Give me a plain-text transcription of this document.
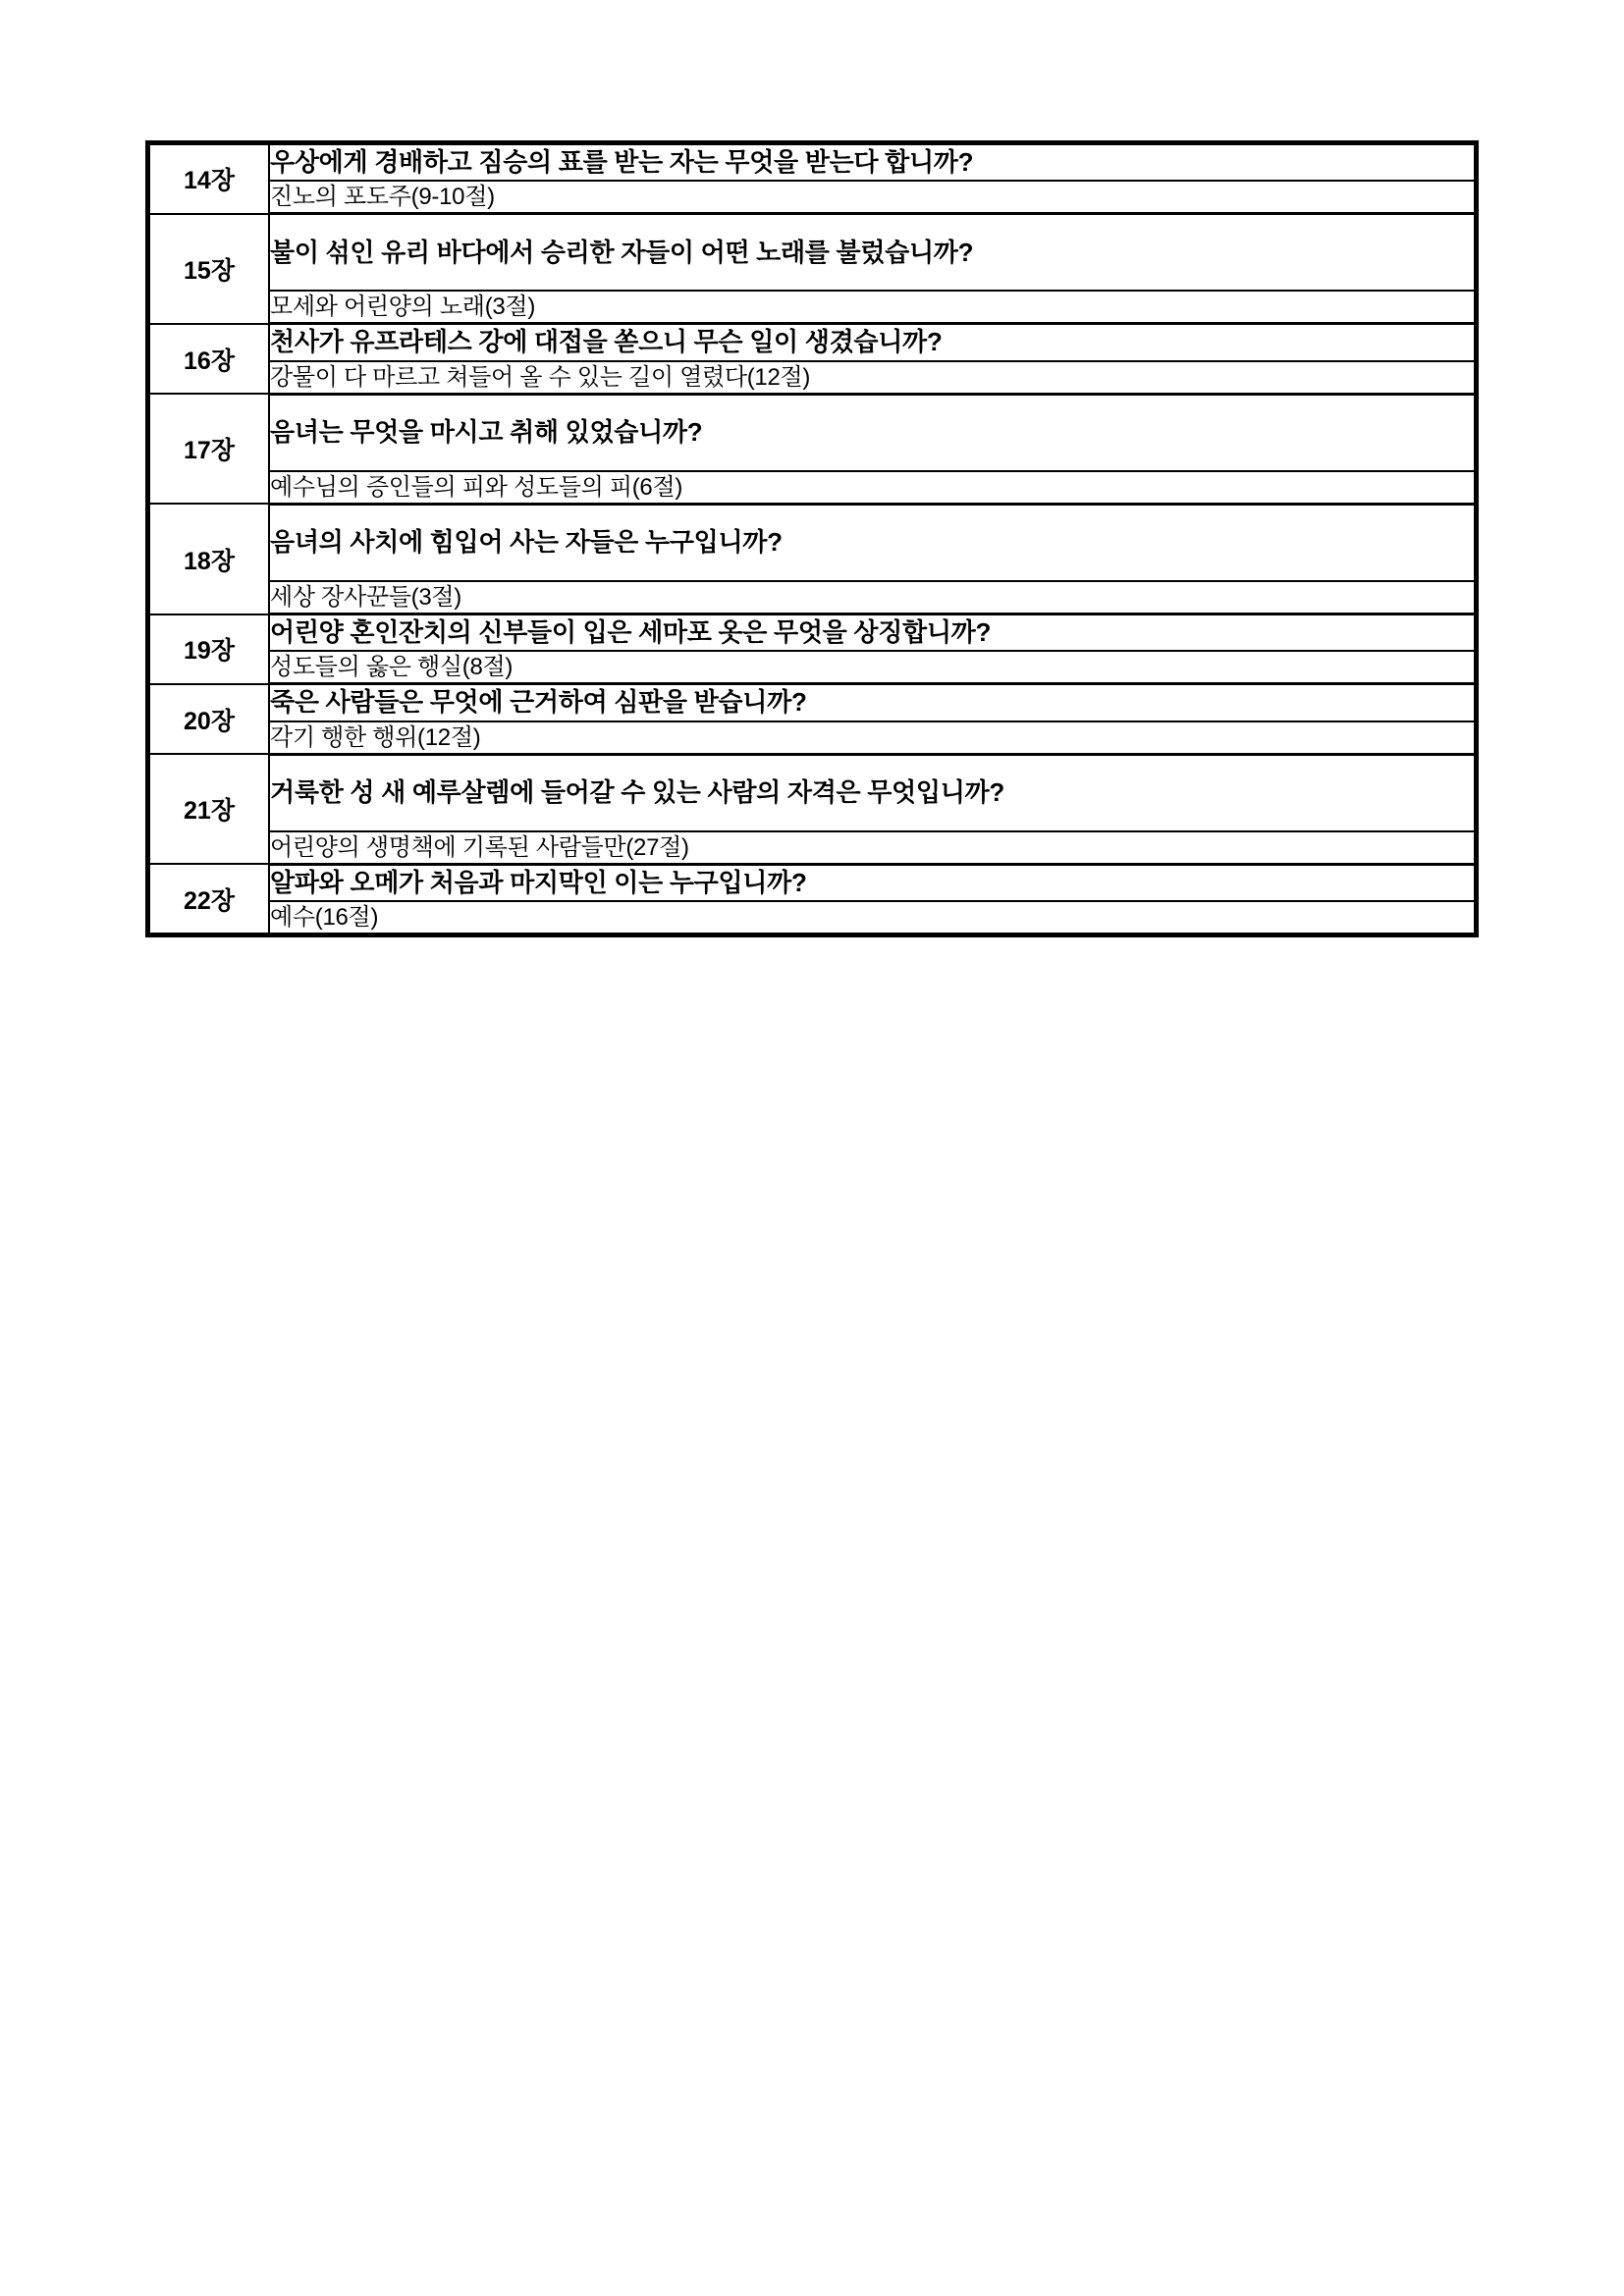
14장	우상에게 경배하고 짐승의 표를 받는 자는 무엇을 받는다 합니까?
	진노의 포도주(9-10절)
15장	불이 섞인 유리 바다에서 승리한 자들이 어떤 노래를 불렀습니까?
	모세와 어린양의 노래(3절)
16장	천사가 유프라테스 강에 대접을 쏟으니 무슨 일이 생겼습니까?
	강물이 다 마르고 쳐들어 올 수 있는 길이 열렸다(12절)
17장	음녀는 무엇을 마시고 취해 있었습니까?
	예수님의 증인들의 피와 성도들의 피(6절)
18장	음녀의 사치에 힘입어 사는 자들은 누구입니까?
	세상 장사꾼들(3절)
19장	어린양 혼인잔치의 신부들이 입은 세마포 옷은 무엇을 상징합니까?
	성도들의 옳은 행실(8절)
20장	죽은 사람들은 무엇에 근거하여 심판을 받습니까?
	각기 행한 행위(12절)
21장	거룩한 성 새 예루살렘에 들어갈 수 있는 사람의 자격은 무엇입니까?
	어린양의 생명책에 기록된 사람들만(27절)
22장	알파와 오메가 처음과 마지막인 이는 누구입니까?
	예수(16절)
